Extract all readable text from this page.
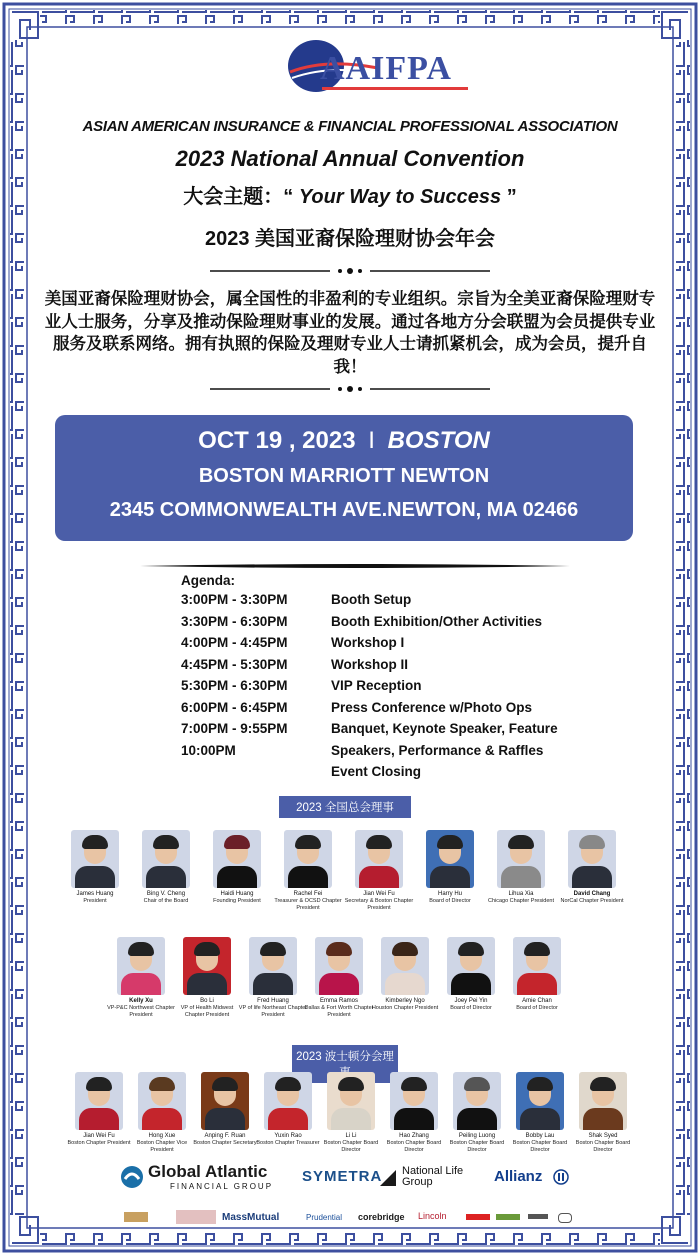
AAIFPA
ASIAN AMERICAN INSURANCE & FINANCIAL PROFESSIONAL ASSOCIATION
2023 National Annual Convention
大会主题：“ Your Way to Success ”
2023 美国亚裔保险理财协会年会
美国亚裔保险理财协会，属全国性的非盈利的专业组织。宗旨为全美亚裔保险理财专业人士服务，分享及推动保险理财事业的发展。通过各地方分会联盟为会员提供专业服务及联系网络。拥有执照的保险及理财专业人士请抓紧机会，成为会员，提升自我！
OCT 19 , 2023 I BOSTON
BOSTON MARRIOTT NEWTON
2345 COMMONWEALTH AVE.NEWTON, MA 02466
Agenda:
3:00PM - 3:30PM	Booth Setup
3:30PM - 6:30PM	Booth Exhibition/Other Activities
4:00PM - 4:45PM	Workshop I
4:45PM - 5:30PM	Workshop II
5:30PM - 6:30PM	VIP Reception
6:00PM - 6:45PM	Press Conference w/Photo Ops
7:00PM - 9:55PM	Banquet, Keynote Speaker, Feature
10:00PM	Speakers, Performance & Raffles
Event Closing
2023 全国总会理事
James Huang
President
Bing V. Cheng
Chair of the Board
Haidi Huang
Founding President
Rachel Fei
Treasurer & OCSD Chapter President
Jian Wei Fu
Secretary & Boston Chapter President
Harry Hu
Board of Director
Lihua Xia
Chicago Chapter President
David Chang
NorCal Chapter President
Kelly Xu
VP-P&C Northwest Chapter President
Bo Li
VP of Health Midwest Chapter President
Fred Huang
VP of life Northeast Chapter President
Emma Ramos
Dallas & Fort Worth Chapter President
Kimberley Ngo
Houston Chapter President
Joey Pei Yin
Board of Director
Amie Chan
Board of Director
2023 波士顿分会理
Jian Wei Fu
Boston Chapter President
Hong Xue
Boston Chapter Vice President
Anping F. Ruan
Boston Chapter Secretary
Yuxin Rao
Boston Chapter Treasurer
Li Li
Boston Chapter Board Director
Hao Zhang
Boston Chapter Board Director
Peiling Luong
Boston Chapter Board Director
Bobby Lau
Boston Chapter Board Director
Shak Syed
Boston Chapter Board Director
Global Atlantic
FINANCIAL GROUP
SYMETRA National Life Group	Allianz
MassMutual	Prudential corebridge Lincoln
